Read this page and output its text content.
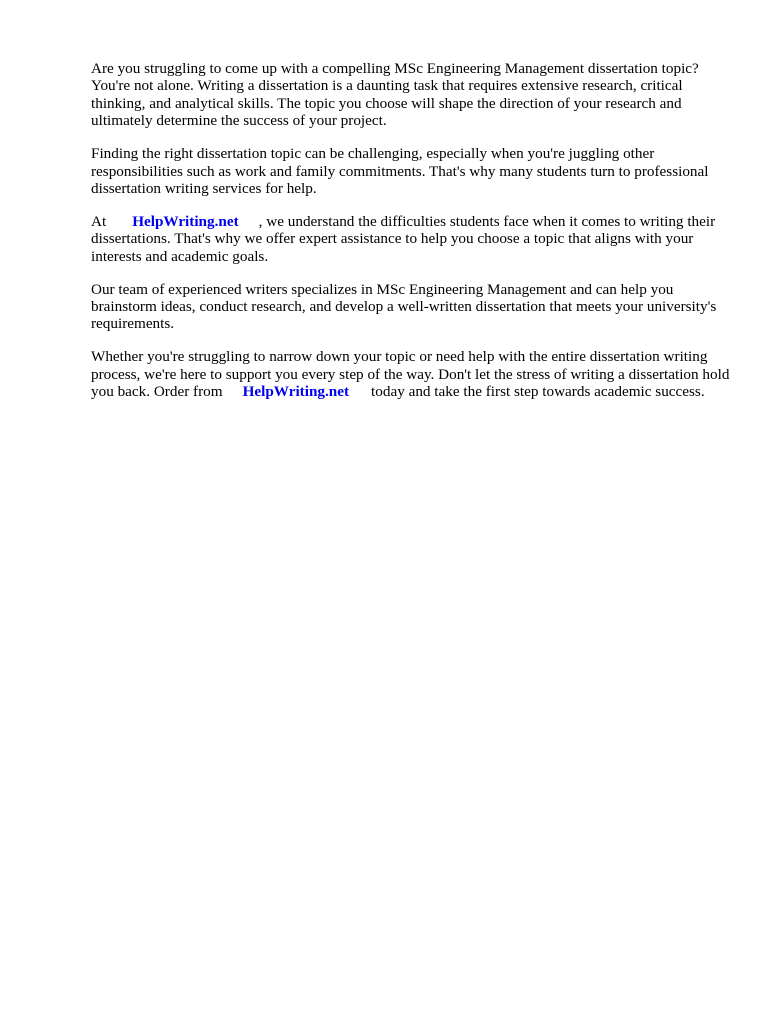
Are you struggling to come up with a compelling MSc Engineering Management dissertation topic? You're not alone. Writing a dissertation is a daunting task that requires extensive research, critical thinking, and analytical skills. The topic you choose will shape the direction of your research and ultimately determine the success of your project.

Finding the right dissertation topic can be challenging, especially when you're juggling other responsibilities such as work and family commitments. That's why many students turn to professional dissertation writing services for help.

At HelpWriting.net , we understand the difficulties students face when it comes to writing their dissertations. That's why we offer expert assistance to help you choose a topic that aligns with your interests and academic goals.

Our team of experienced writers specializes in MSc Engineering Management and can help you brainstorm ideas, conduct research, and develop a well-written dissertation that meets your university's requirements.

Whether you're struggling to narrow down your topic or need help with the entire dissertation writing process, we're here to support you every step of the way. Don't let the stress of writing a dissertation hold you back. Order from HelpWriting.net today and take the first step towards academic success.
